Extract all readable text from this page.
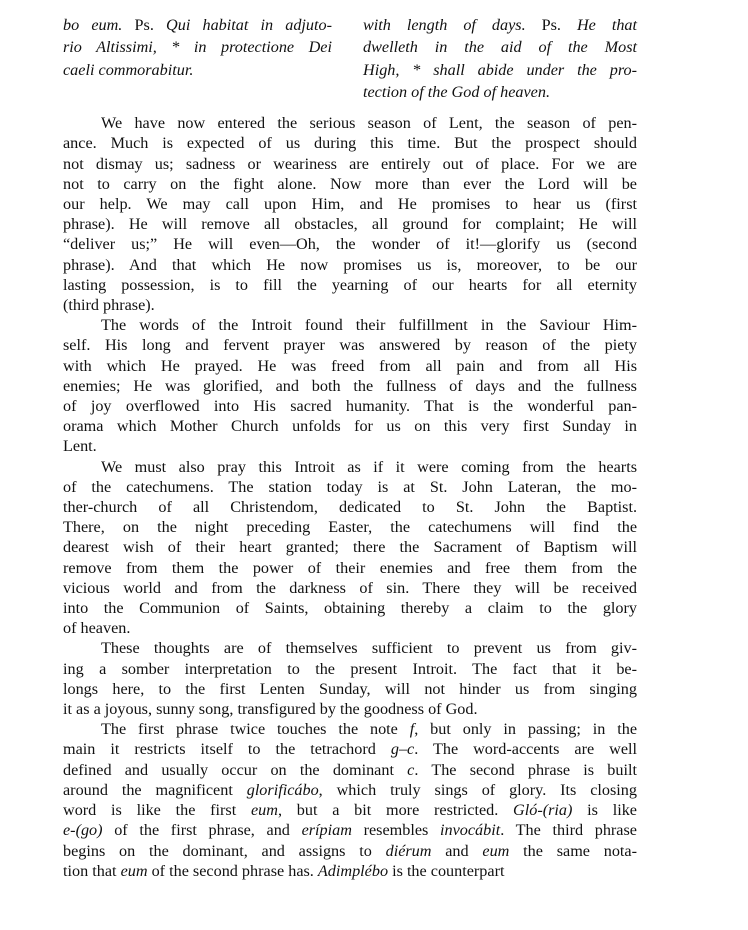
bo eum. Ps. Qui habitat in adjuto-
rio Altissimi, * in protectione Dei
caeli commorabitur.
with length of days. Ps. He that
dwelleth in the aid of the Most
High, * shall abide under the pro-
tection of the God of heaven.
We have now entered the serious season of Lent, the season of pen-
ance. Much is expected of us during this time. But the prospect should
not dismay us; sadness or weariness are entirely out of place. For we are
not to carry on the fight alone. Now more than ever the Lord will be
our help. We may call upon Him, and He promises to hear us (first
phrase). He will remove all obstacles, all ground for complaint; He will
“deliver us;” He will even—Oh, the wonder of it!—glorify us (second
phrase). And that which He now promises us is, moreover, to be our
lasting possession, is to fill the yearning of our hearts for all eternity
(third phrase).
The words of the Introit found their fulfillment in the Saviour Him-
self. His long and fervent prayer was answered by reason of the piety
with which He prayed. He was freed from all pain and from all His
enemies; He was glorified, and both the fullness of days and the fullness
of joy overflowed into His sacred humanity. That is the wonderful pan-
orama which Mother Church unfolds for us on this very first Sunday in
Lent.
We must also pray this Introit as if it were coming from the hearts
of the catechumens. The station today is at St. John Lateran, the mo-
ther-church of all Christendom, dedicated to St. John the Baptist.
There, on the night preceding Easter, the catechumens will find the
dearest wish of their heart granted; there the Sacrament of Baptism will
remove from them the power of their enemies and free them from the
vicious world and from the darkness of sin. There they will be received
into the Communion of Saints, obtaining thereby a claim to the glory
of heaven.
These thoughts are of themselves sufficient to prevent us from giv-
ing a somber interpretation to the present Introit. The fact that it be-
longs here, to the first Lenten Sunday, will not hinder us from singing
it as a joyous, sunny song, transfigured by the goodness of God.
The first phrase twice touches the note f, but only in passing; in the
main it restricts itself to the tetrachord g–c. The word-accents are well
defined and usually occur on the dominant c. The second phrase is built
around the magnificent glorificábo, which truly sings of glory. Its closing
word is like the first eum, but a bit more restricted. Gló-(ria) is like
e-(go) of the first phrase, and erípiam resembles invocábit. The third phrase
begins on the dominant, and assigns to diérum and eum the same nota-
tion that eum of the second phrase has. Adimplébo is the counterpart
